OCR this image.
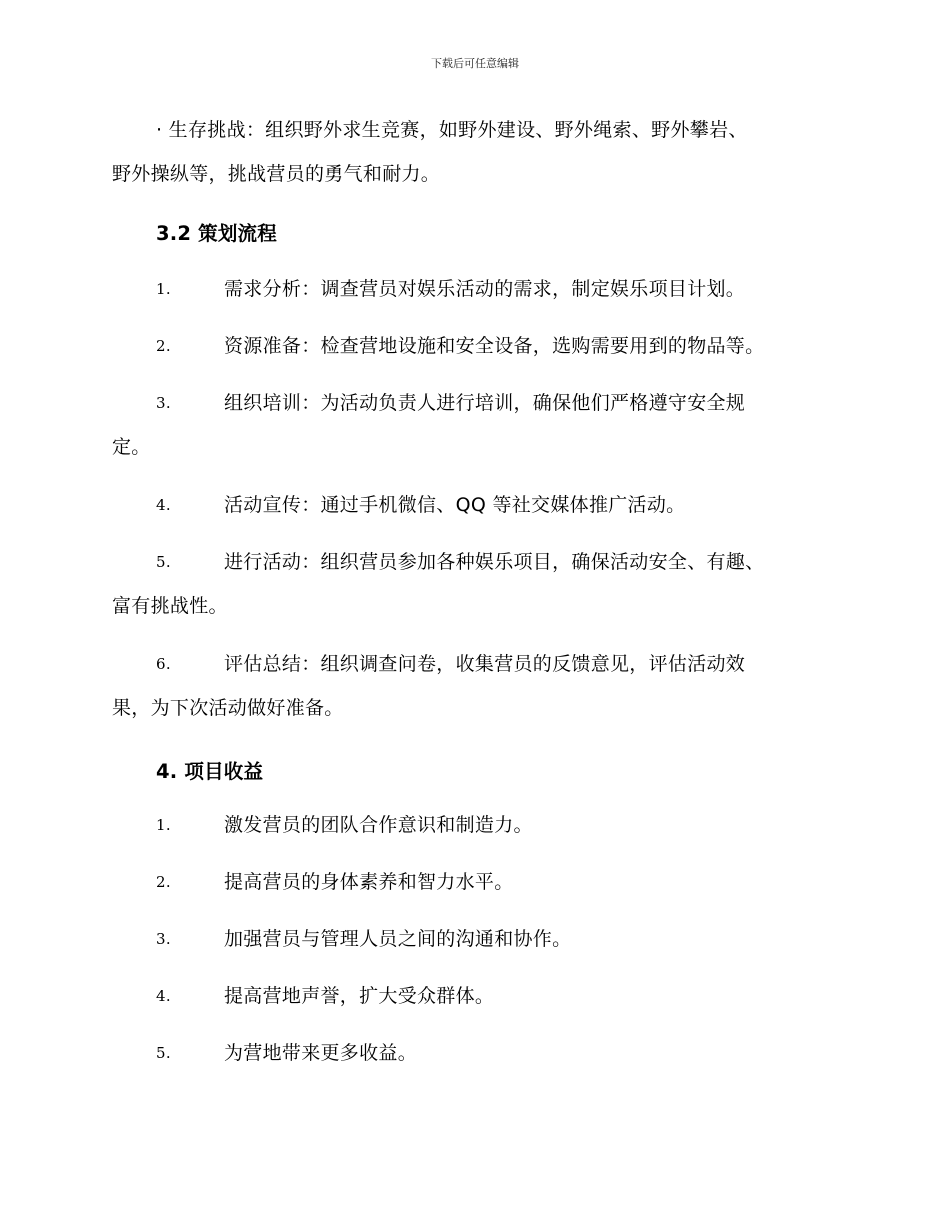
下载后可任意编辑
· 生存挑战：组织野外求生竞赛，如野外建设、野外绳索、野外攀岩、
野外操纵等，挑战营员的勇气和耐力。
3.2 策划流程
1.	需求分析：调查营员对娱乐活动的需求，制定娱乐项目计划。
2.	资源准备：检查营地设施和安全设备，选购需要用到的物品等。
3.	组织培训：为活动负责人进行培训，确保他们严格遵守安全规
定。
4.	活动宣传：通过手机微信、QQ 等社交媒体推广活动。
5.	进行活动：组织营员参加各种娱乐项目，确保活动安全、有趣、
富有挑战性。
6.	评估总结：组织调查问卷，收集营员的反馈意见，评估活动效
果，为下次活动做好准备。
4. 项目收益
1.	激发营员的团队合作意识和制造力。
2.	提高营员的身体素养和智力水平。
3.	加强营员与管理人员之间的沟通和协作。
4.	提高营地声誉，扩大受众群体。
5.	为营地带来更多收益。
